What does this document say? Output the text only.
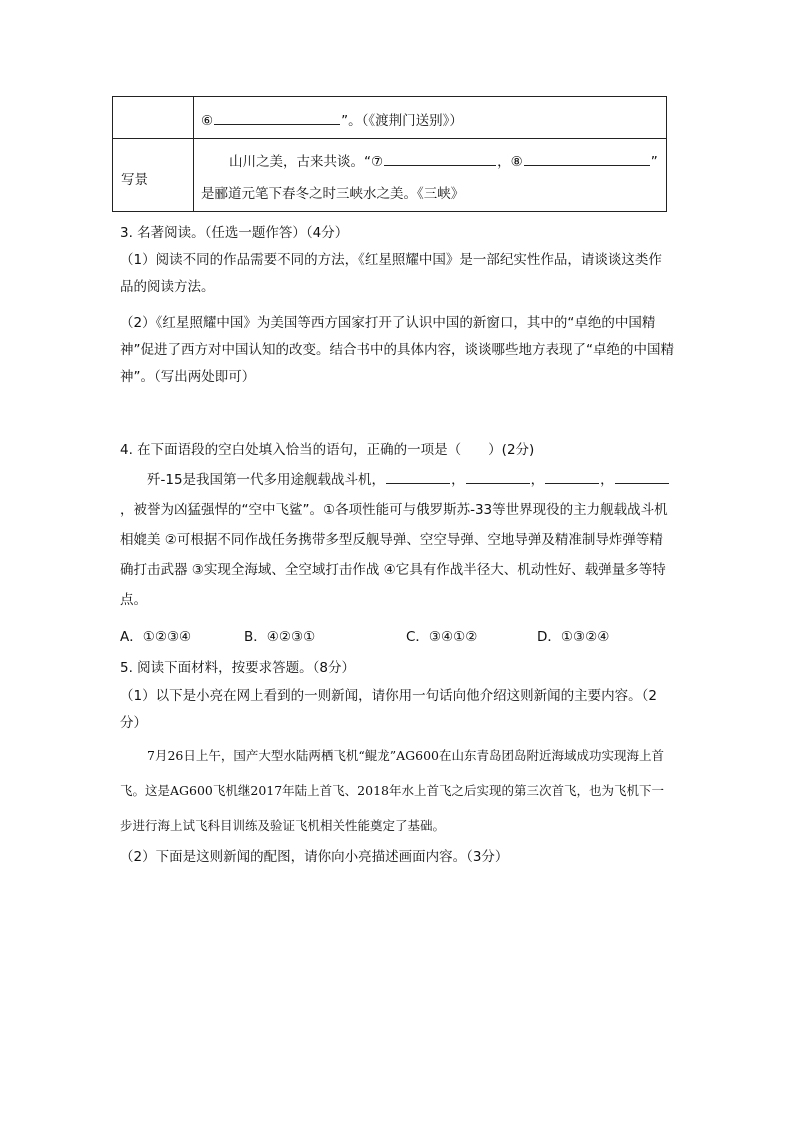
⑥	”。（《渡荆门送别》）
写景
山川之美，古来共谈。“⑦	，⑧	”
是郦道元笔下春冬之时三峡水之美。《三峡》
3. 名著阅读。（任选一题作答）（4分）
（1）阅读不同的作品需要不同的方法，《红星照耀中国》是一部纪实性作品，请谈谈这类作品的阅读方法。
（2）《红星照耀中国》为美国等西方国家打开了认识中国的新窗口，其中的“卓绝的中国精神”促进了西方对中国认知的改变。结合书中的具体内容，谈谈哪些地方表现了“卓绝的中国精神”。（写出两处即可）
4. 在下面语段的空白处填入恰当的语句，正确的一项是（　　）(2分)
歼-15是我国第一代多用途舰载战斗机，	，	，	，，被誉为凶猛强悍的“空中飞鲨”。①各项性能可与俄罗斯苏-33等世界现役的主力舰载战斗机相媲美 ②可根据不同作战任务携带多型反舰导弹、空空导弹、空地导弹及精准制导炸弹等精确打击武器 ③实现全海域、全空域打击作战 ④它具有作战半径大、机动性好、载弹量多等特点。
A．①②③④	B．④②③①	C．③④①②	D．①③②④
5. 阅读下面材料，按要求答题。（8分）
（1）以下是小亮在网上看到的一则新闻，请你用一句话向他介绍这则新闻的主要内容。（2分）
7月26日上午，国产大型水陆两栖飞机“鲲龙”AG600在山东青岛团岛附近海域成功实现海上首飞。这是AG600飞机继2017年陆上首飞、2018年水上首飞之后实现的第三次首飞，也为飞机下一步进行海上试飞科目训练及验证飞机相关性能奠定了基础。
（2）下面是这则新闻的配图，请你向小亮描述画面内容。（3分）
